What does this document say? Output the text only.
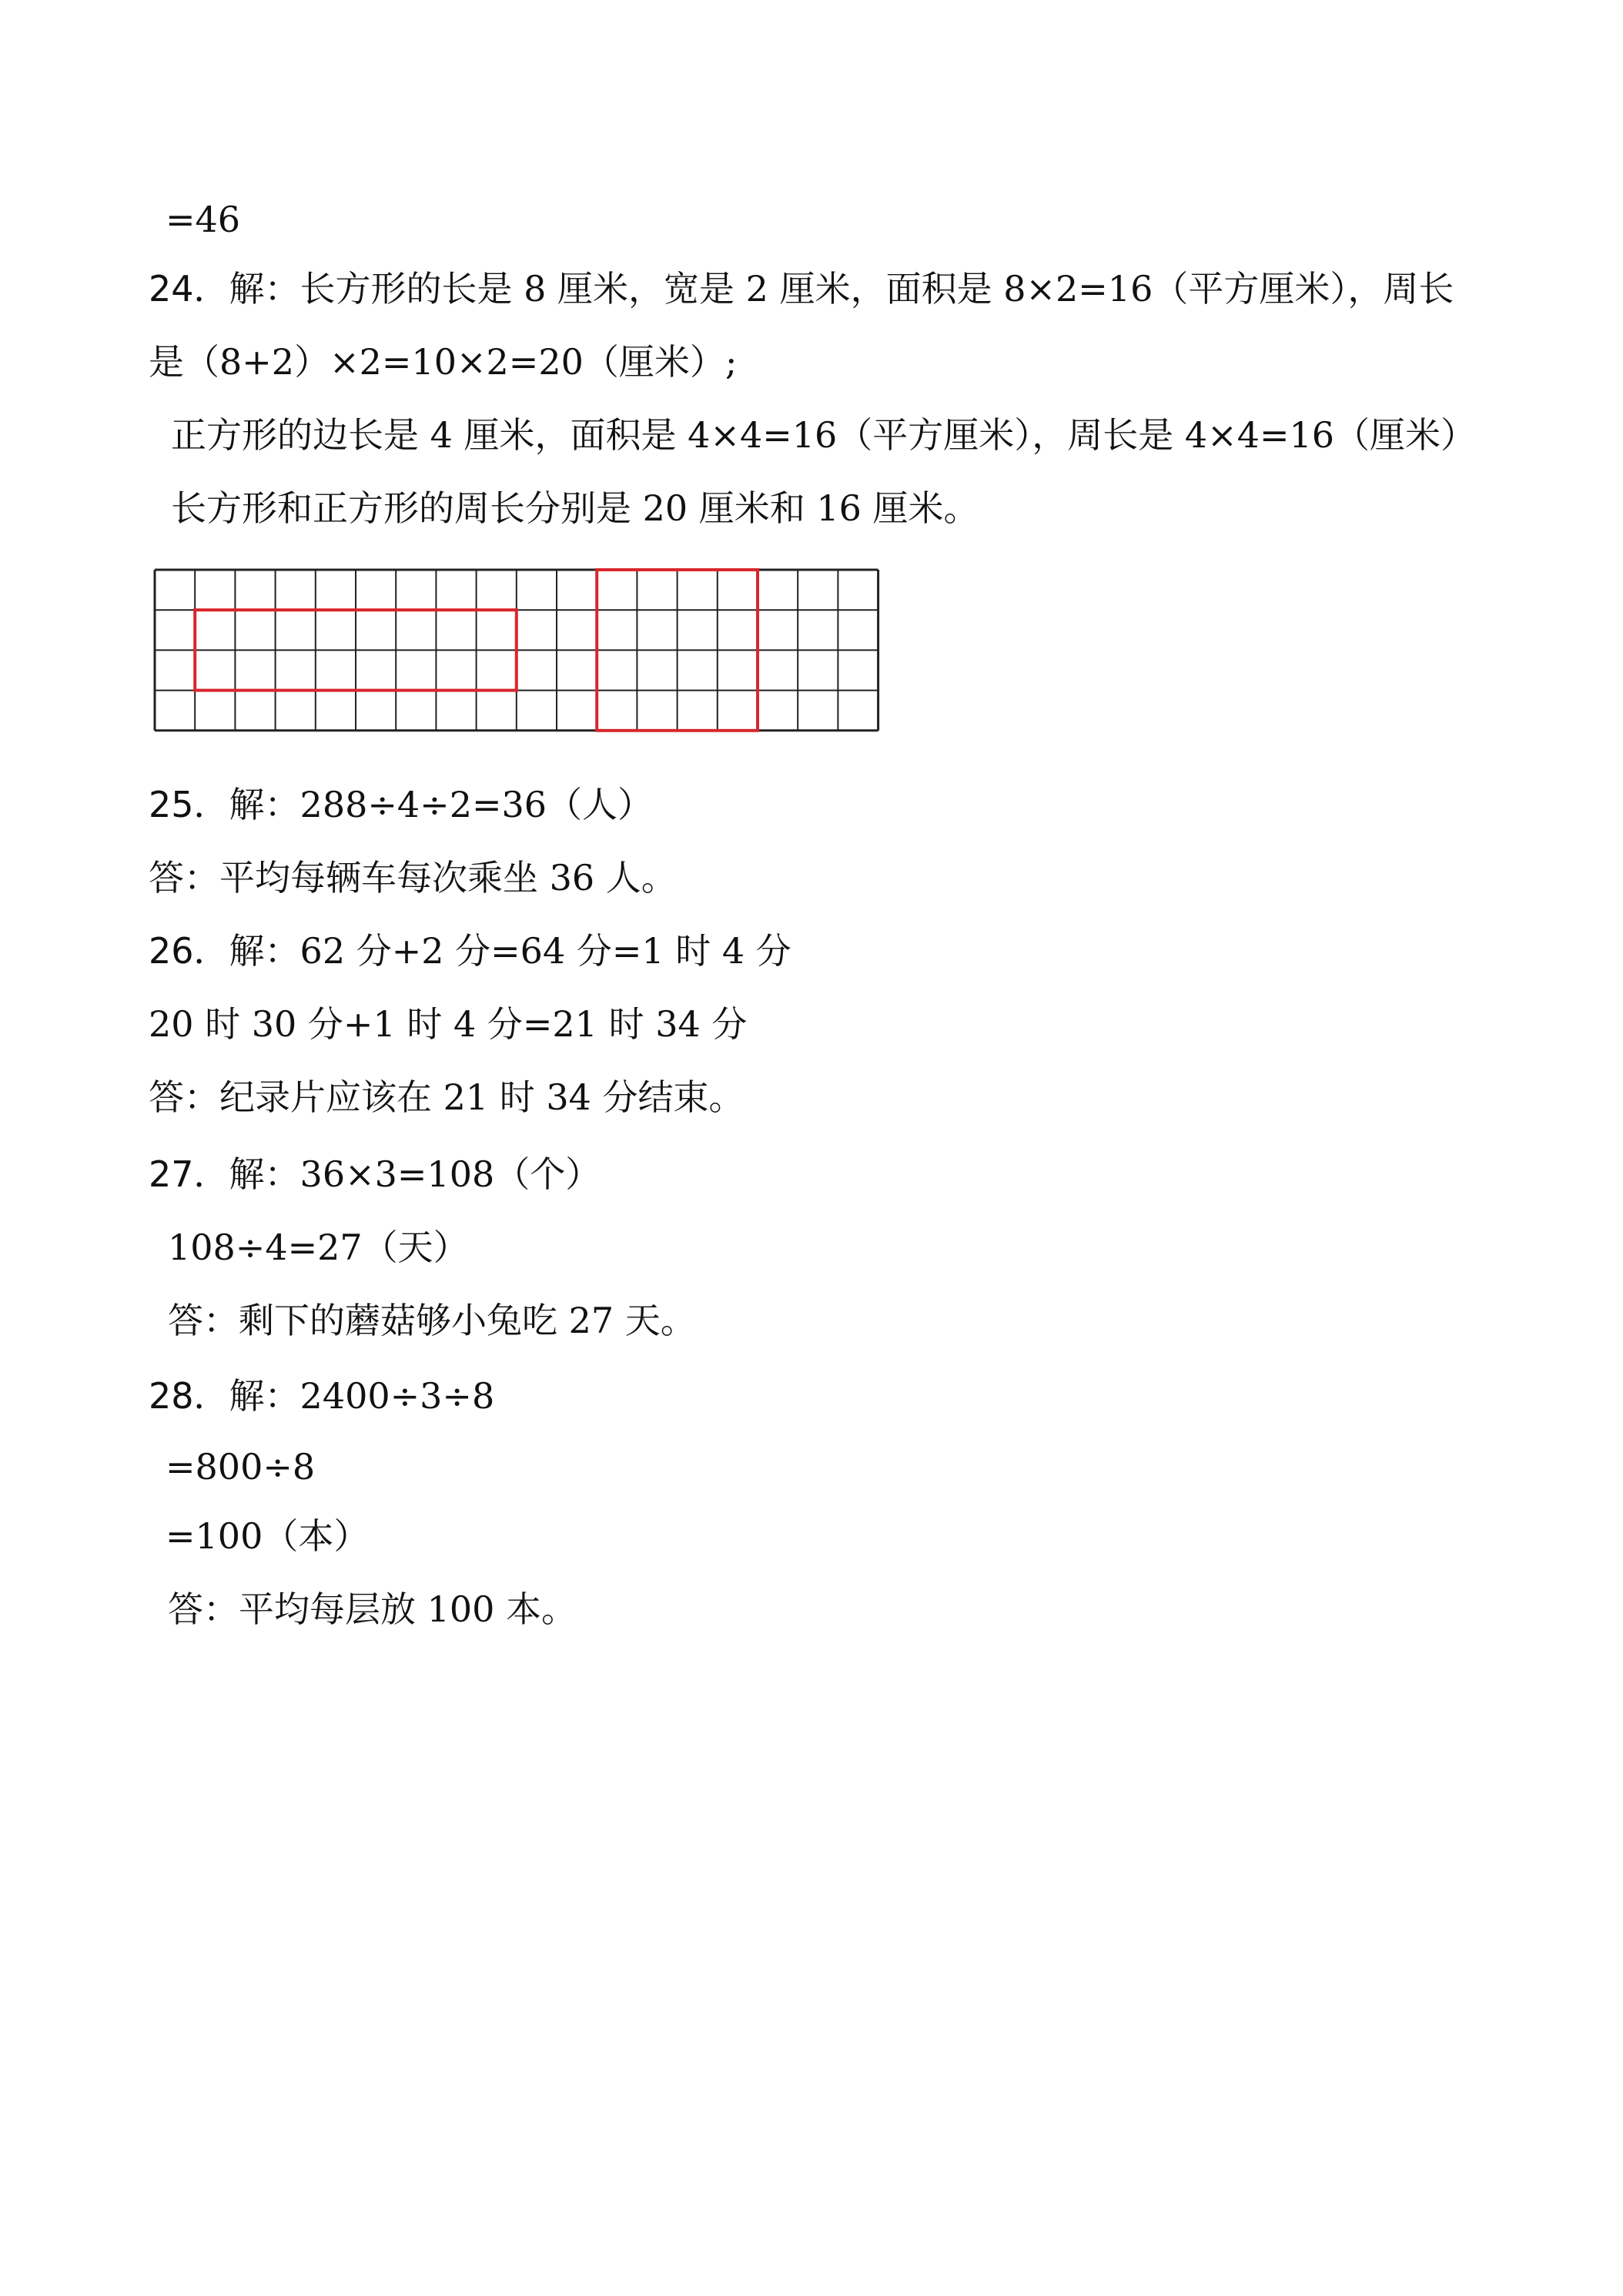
=46
24．解：长方形的长是 8 厘米，宽是 2 厘米，面积是 8×2=16（平方厘米），周长
是（8+2）×2=10×2=20（厘米）;
正方形的边长是 4 厘米，面积是 4×4=16（平方厘米），周长是 4×4=16（厘米）
长方形和正方形的周长分别是 20 厘米和 16 厘米。
25．解：288÷4÷2=36（人）
答：平均每辆车每次乘坐 36 人。
26．解：62 分+2 分=64 分=1 时 4 分
20 时 30 分+1 时 4 分=21 时 34 分
答：纪录片应该在 21 时 34 分结束。
27．解：36×3=108（个）
108÷4=27（天）
答：剩下的蘑菇够小兔吃 27 天。
28．解：2400÷3÷8
=800÷8
=100（本）
答：平均每层放 100 本。
